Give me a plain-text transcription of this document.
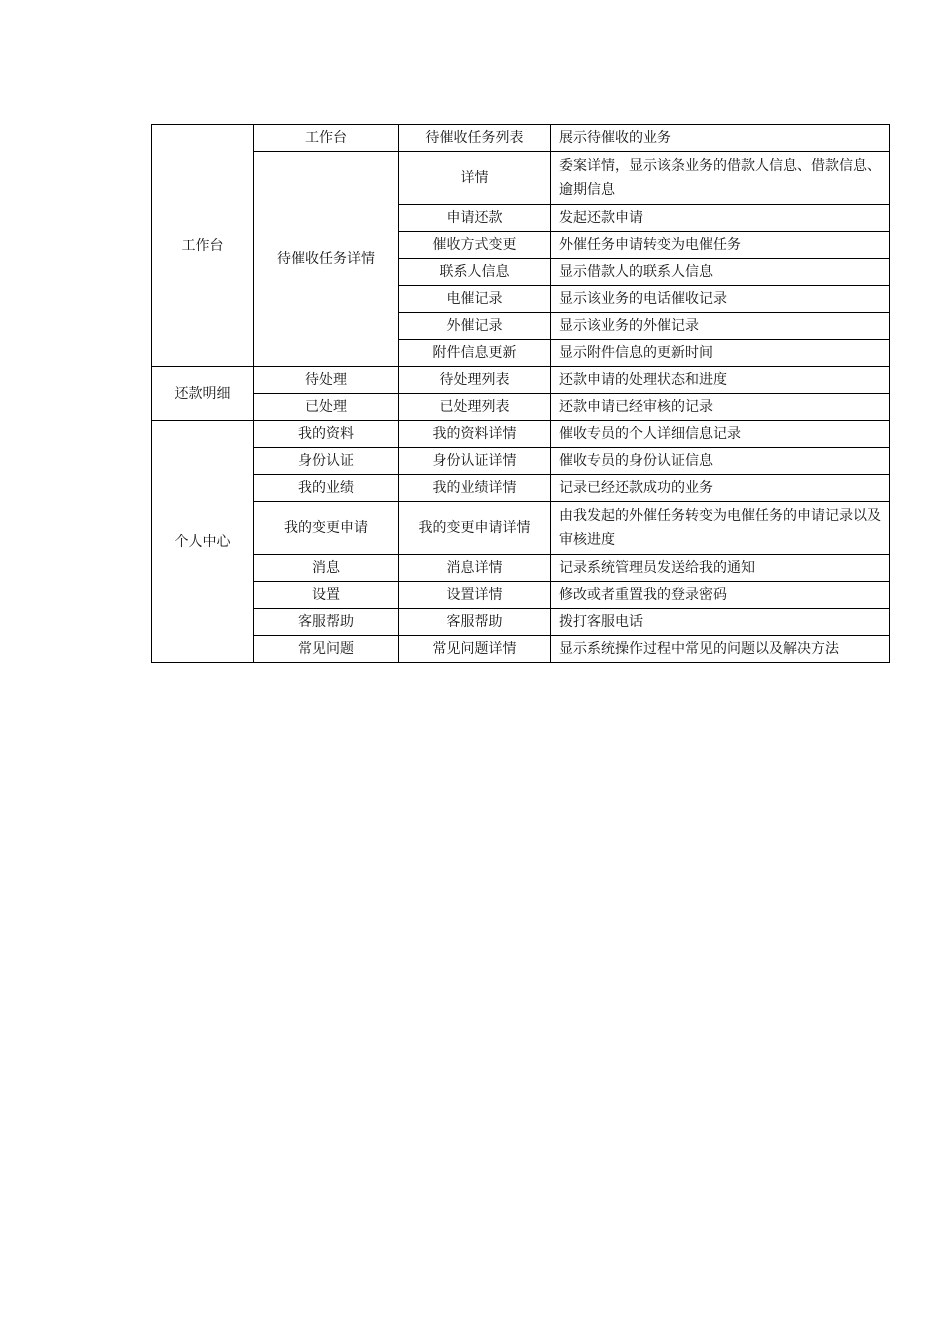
工作台	工作台	待催收任务列表	展示待催收的业务
	待催收任务详情	详情	委案详情，显示该条业务的借款人信息、借款信息、逾期信息
		申请还款	发起还款申请
		催收方式变更	外催任务申请转变为电催任务
		联系人信息	显示借款人的联系人信息
		电催记录	显示该业务的电话催收记录
		外催记录	显示该业务的外催记录
		附件信息更新	显示附件信息的更新时间
还款明细	待处理	待处理列表	还款申请的处理状态和进度
	已处理	已处理列表	还款申请已经审核的记录
个人中心	我的资料	我的资料详情	催收专员的个人详细信息记录
	身份认证	身份认证详情	催收专员的身份认证信息
	我的业绩	我的业绩详情	记录已经还款成功的业务
	我的变更申请	我的变更申请详情	由我发起的外催任务转变为电催任务的申请记录以及审核进度
	消息	消息详情	记录系统管理员发送给我的通知
	设置	设置详情	修改或者重置我的登录密码
	客服帮助	客服帮助	拨打客服电话
	常见问题	常见问题详情	显示系统操作过程中常见的问题以及解决方法
